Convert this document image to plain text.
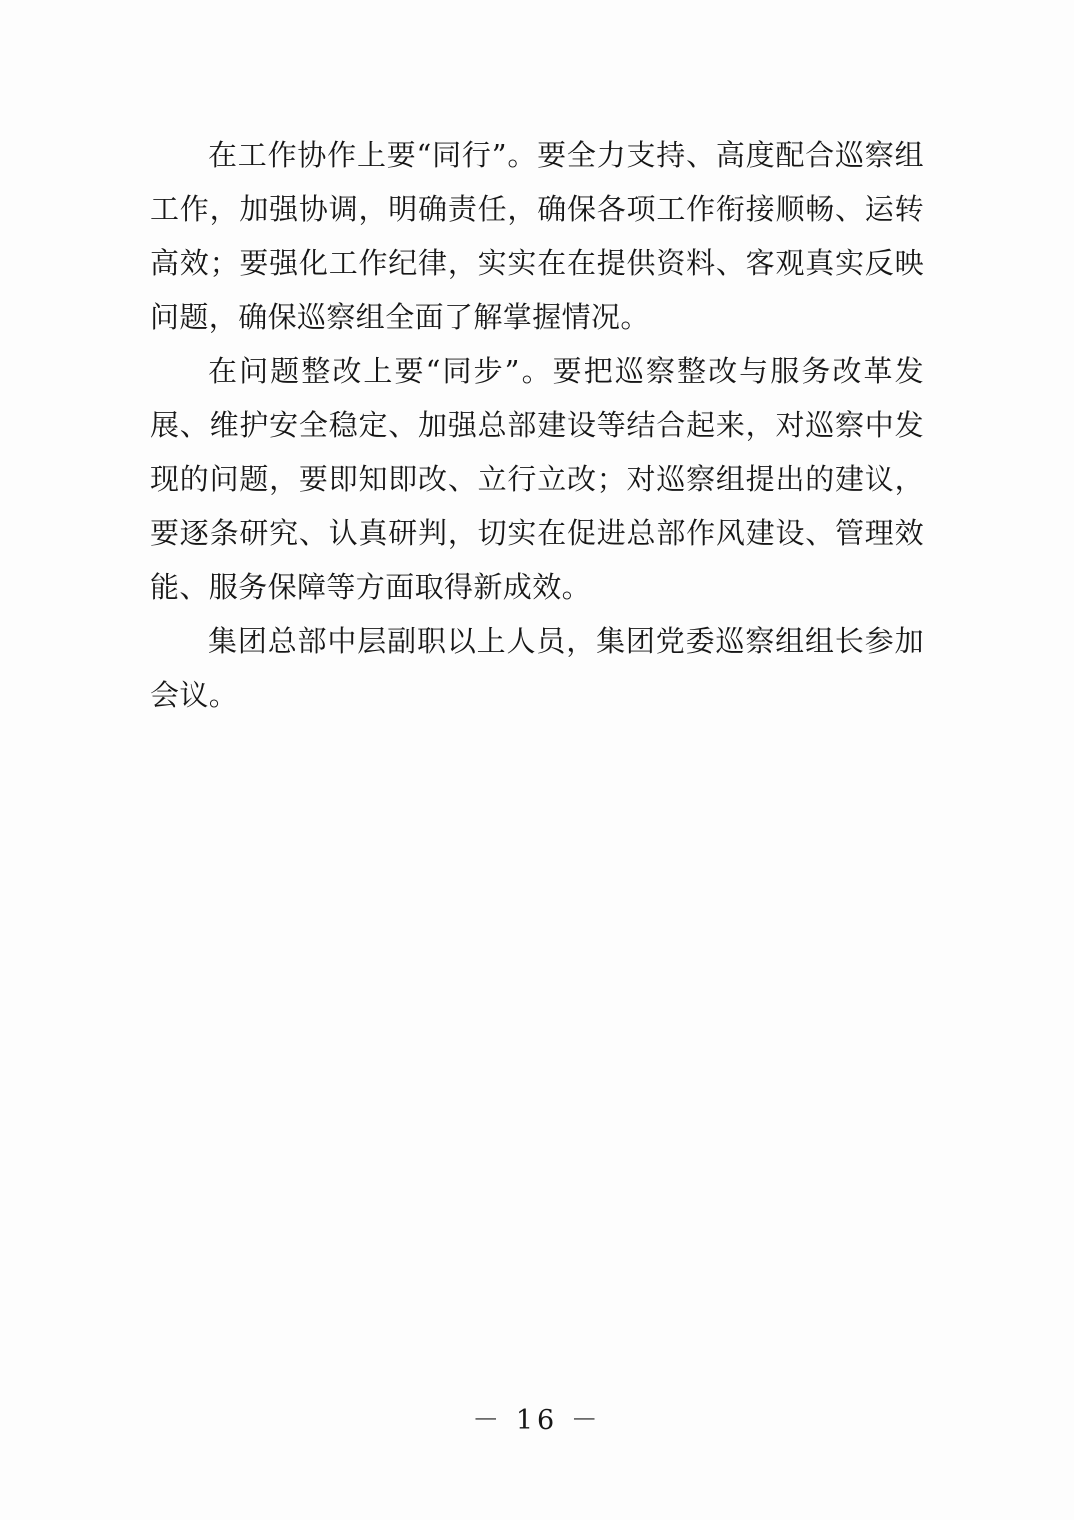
在工作协作上要“同行”。要全力支持、高度配合巡察组工作，加强协调，明确责任，确保各项工作衔接顺畅、运转高效；要强化工作纪律，实实在在提供资料、客观真实反映问题，确保巡察组全面了解掌握情况。

在问题整改上要“同步”。要把巡察整改与服务改革发展、维护安全稳定、加强总部建设等结合起来，对巡察中发现的问题，要即知即改、立行立改；对巡察组提出的建议，要逐条研究、认真研判，切实在促进总部作风建设、管理效能、服务保障等方面取得新成效。

集团总部中层副职以上人员，集团党委巡察组组长参加会议。

－ 16 －
